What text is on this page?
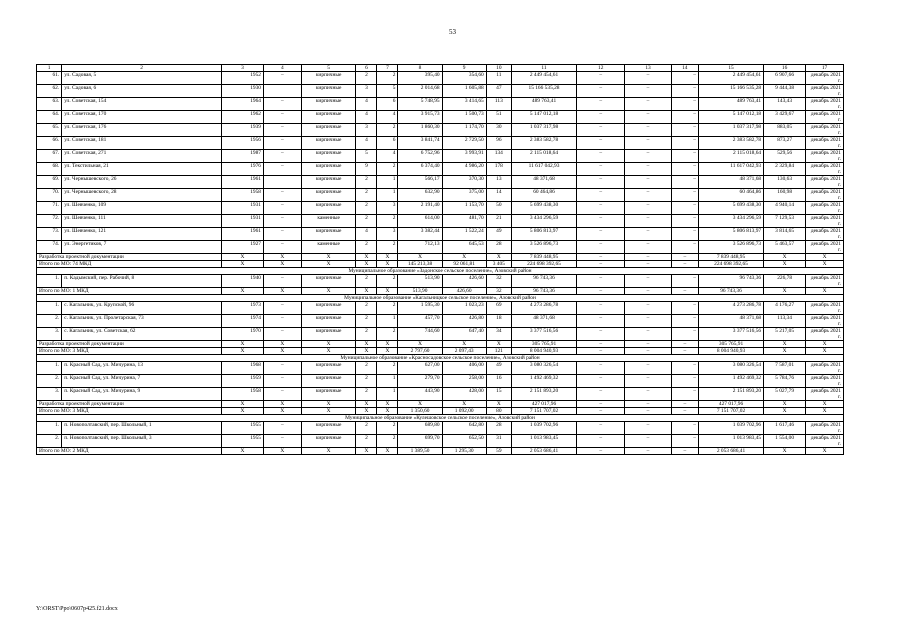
53
1	2	3	4	5	6	7	8	9	10	11	12	13	14	15	16	17
61.	ул. Садовая, 5	1952	–	кирпичные	2	2	395,40	354,60	11	2 449 454,61	–	–	–	2 449 454,61	6 907,66	декабрь 2021 г.
62.	ул. Садовая, 6	1930		кирпичные	3	5	2 014,68	1 605,88	47	15 166 535,28	–	–	–	15 166 535,28	9 444,38	декабрь 2021 г.
63.	ул. Советская, 154	1964	–	кирпичные	4	6	5 748,95	3 414,65	113	489 763,41	–	–	–	489 763,41	143,43	декабрь 2021 г.
64.	ул. Советская, 170	1962	–	кирпичные	4	4	3 915,73	1 500,73	51	5 147 012,18	–	–	–	5 147 012,18	3 429,67	декабрь 2021 г.
65.	ул. Советская, 176	1939	–	кирпичные	3	2	1 860,30	1 174,70	30	1 037 317,98	–	–	–	1 037 317,98	883,05	декабрь 2021 г.
66.	ул. Советская, 181	1956	–	кирпичные	4	6	3 841,74	2 729,50	96	2 383 582,78	–	–	–	2 383 582,78	873,27	декабрь 2021 г.
67.	ул. Советская, 271	1987	–	кирпичные	5	4	6 752,96	3 993,91	134	2 115 018,64	–	–	–	2 115 018,64	529,56	декабрь 2021 г.
68.	ул. Текстильная, 21	1976	–	кирпичные	9	2	6 374,40	4 986,20	178	11 617 042,93	–	–	–	11 617 042,93	2 329,84	декабрь 2021 г.
69.	ул. Чернышевского, 26	1961		кирпичные	2	1	566,17	370,30	13	48 371,68	–	–	–	48 371,68	130,63	декабрь 2021 г.
70.	ул. Чернышевского, 28	1958	–	кирпичные	2	1	632,90	375,00	14	60 464,86	–	–	–	60 464,86	160,98	декабрь 2021 г.
71.	ул. Шевченко, 109	1931	–	кирпичные	2	3	2 191,40	1 153,70	50	5 699 438,30	–	–	–	5 699 438,30	4 940,14	декабрь 2021 г.
72.	ул. Шевченко, 111	1931	–	каменные	2	2	614,00	481,70	21	3 434 296,59	–	–	–	3 434 296,59	7 129,53	декабрь 2021 г.
73.	ул. Шевченко, 121	1961	–	кирпичные	4	3	3 382,44	1 522,24	49	5 806 813,97	–	–	–	5 806 813,97	3 814,65	декабрь 2021 г.
74.	ул. Энергетиков, 7	1927	–	каменные	2	2	712,13	645,53	28	3 526 896,73	–	–	–	3 526 896,73	5 463,57	декабрь 2021 г.
Разработка проектной документации		X	X	X	X	X	X	X	X	7 839 448,95	–	–	–	7 839 448,95	X	X
Итого по МО: 74 МКД		X	X	X	X	X	145 213,38	92 061,81	3 405	224 698 392,65	–	–	–	224 698 392,65	X	X
Муниципальное образование «Задонское сельское поселение», Азовский район																
1.	п. Кадымский, пер. Рабочий, 8	1940	–	кирпичные	2	2	513,90	426,60	32	96 743,36	–	–	–	96 743,36	226,78	декабрь 2021 г.
Итого по МО: 1 МКД		X	X	X	X	X	513,90	426,60	32	96 743,36	–	–	–	96 743,36	X	X
Муниципальное образование «Кагальницкое сельское поселение», Азовский район																
1.	с. Кагальник, ул. Крупской, 96	1973	–	кирпичные	2	2	1 595,30	1 023,23	69	4 273 286,78	–	–	–	4 273 286,78	4 176,27	декабрь 2021 г.
2.	с. Кагальник, ул. Пролетарская, 73	1974	–	кирпичные	2	1	457,70	426,80	18	48 371,68	–	–	–	48 371,68	113,34	декабрь 2021 г.
3.	с. Кагальник, ул. Советская, 62	1970	–	кирпичные	2	2	744,60	647,40	34	3 377 516,56	–	–	–	3 377 516,56	5 217,05	декабрь 2021 г.
Разработка проектной документации		X	X	X	X	X	X	X	X	305 765,91	–	–	–	305 765,91	X	X
Итого по МО: 3 МКД		X	X	X	X	X	2 797,60	2 097,43	121	8 004 940,93	–	–	–	8 004 940,93	X	X
Муниципальное образование «Красносадовское сельское поселение», Азовский район																
1.	п. Красный Сад, ул. Мичурина, 13	1968	–	кирпичные	2	2	627,00	406,00	49	3 080 326,54	–	–	–	3 080 326,54	7 587,01	декабрь 2021 г.
2.	п. Красный Сад, ул. Мичурина, 7	1959	–	кирпичные	2	1	279,70	258,00	16	1 492 469,32	–	–	–	1 492 469,32	5 784,76	декабрь 2021 г.
3.	п. Красный Сад, ул. Мичурина, 9	1958	–	кирпичные	2	1	443,90	428,00	15	2 151 893,20	–	–	–	2 151 893,20	5 027,79	декабрь 2021 г.
Разработка проектной документации		X	X	X	X	X	X	X	X	427 017,96	–	–	–	427 017,96	X	X
Итого по МО: 3 МКД		X	X	X	X	X	1 350,60	1 092,00	80	7 151 707,02	–	–	–	7 151 707,02	X	X
Муниципальное образование «Кулешовское сельское поселение», Азовский район																
1.	п. Новополтавский, пер. Школьный, 1	1955	–	кирпичные	2	2	689,80	642,80	28	1 039 702,96	–	–	–	1 039 702,96	1 617,46	декабрь 2021 г.
2.	п. Новополтавский, пер. Школьный, 3	1955	–	кирпичные	2	2	699,70	652,50	31	1 013 983,45	–	–	–	1 013 983,45	1 554,00	декабрь 2021 г.
Итого по МО: 2 МКД		X	X	X	X	X	1 389,50	1 295,30	59	2 053 686,41	–	–	–	2 053 686,41	X	X
Y:\ORST\Ppo\0607p425.f21.docx
